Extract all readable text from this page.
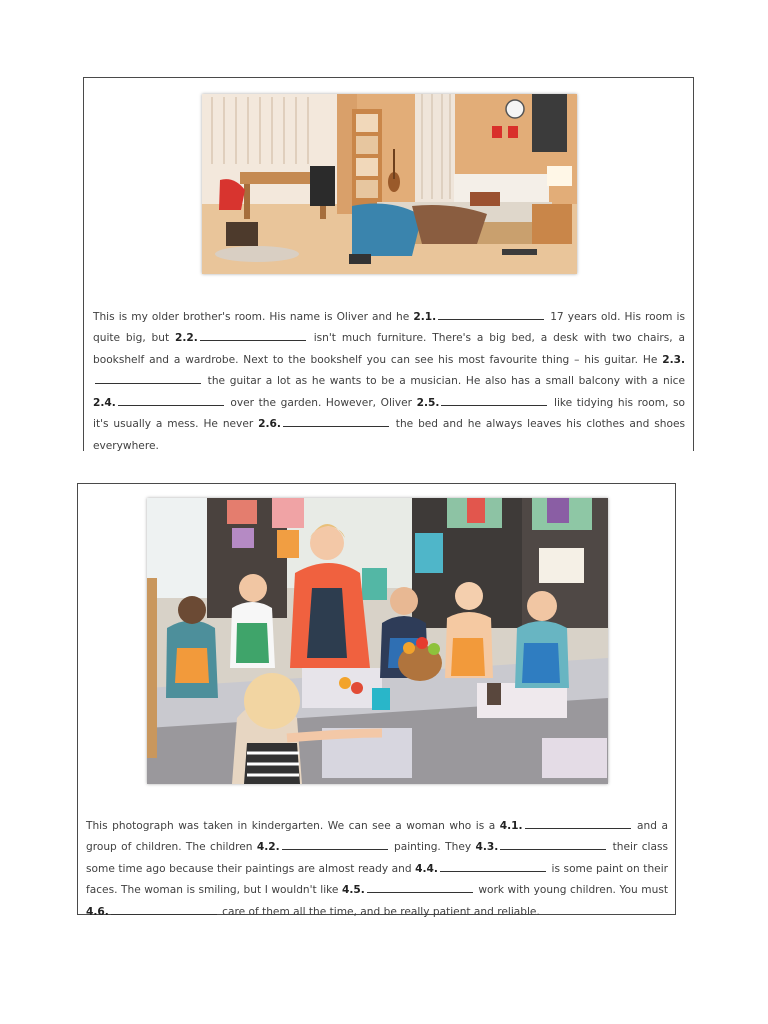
This is my older brother's room. His name is Oliver and he 2.1.	17 years old. His room is quite big, but 2.2.	isn't much furniture. There's a big bed, a desk with two chairs, a bookshelf and a wardrobe. Next to the bookshelf you can see his most favourite thing – his guitar. He 2.3. the guitar a lot as he wants to be a musician. He also has a small balcony with a nice 2.4.	over the garden. However, Oliver 2.5.	like tidying his room, so it's usually a mess. He never 2.6.	the bed and he always leaves his clothes and shoes everywhere.

This photograph was taken in kindergarten. We can see a woman who is a 4.1.	and a group of children. The children 4.2.	painting. They 4.3.	their class some time ago because their paintings are almost ready and 4.4.	is some paint on their faces. The woman is smiling, but I wouldn't like 4.5.	work with young children. You must 4.6.	care of them all the time, and be really patient and reliable.
